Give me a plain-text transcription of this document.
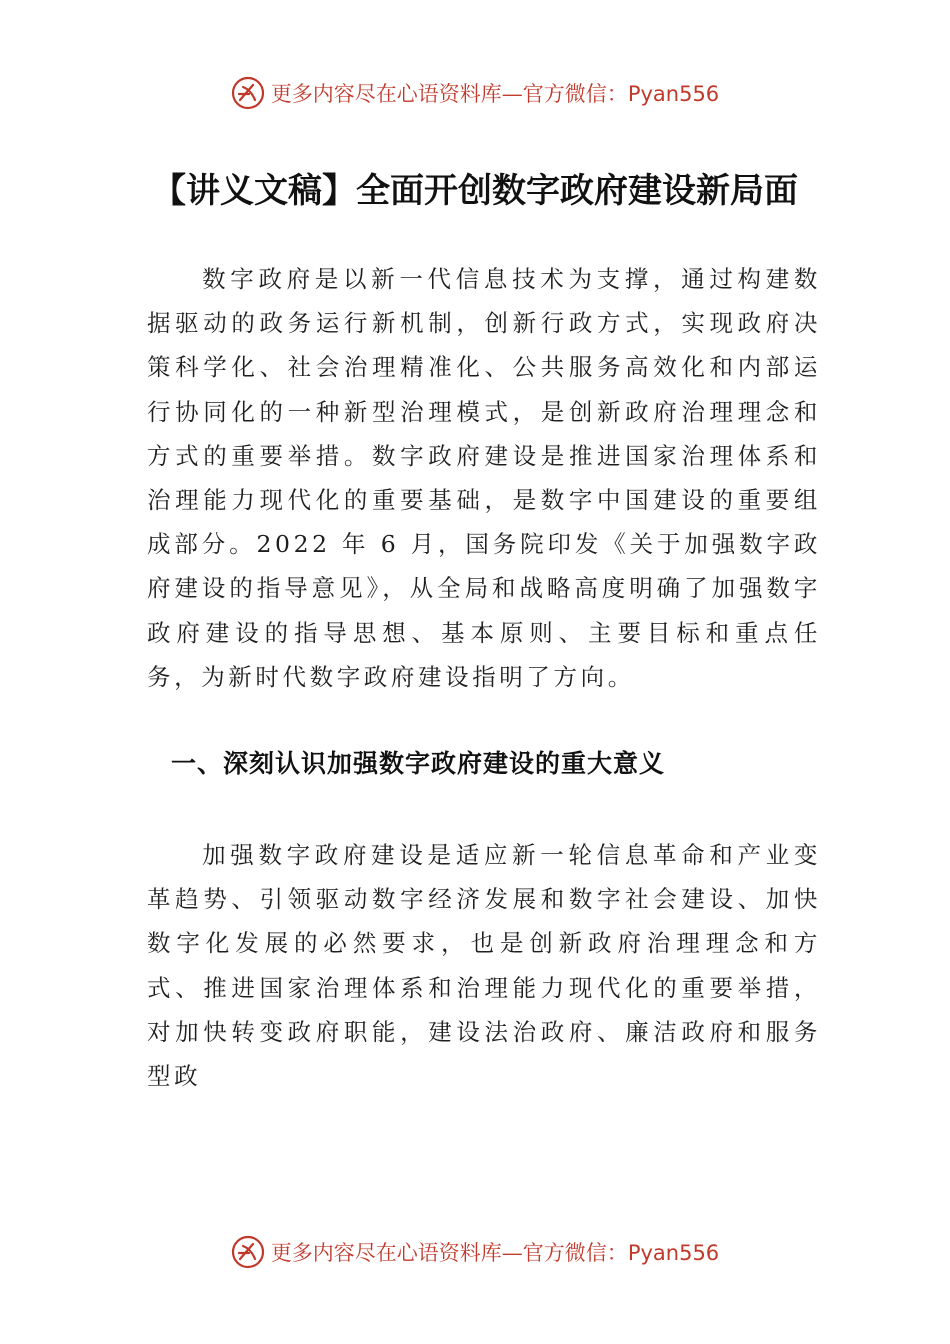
更多内容尽在心语资料库—官方微信：Pyan556
【讲义文稿】全面开创数字政府建设新局面
数字政府是以新一代信息技术为支撑，通过构建数据驱动的政务运行新机制，创新行政方式，实现政府决策科学化、社会治理精准化、公共服务高效化和内部运行协同化的一种新型治理模式，是创新政府治理理念和方式的重要举措。数字政府建设是推进国家治理体系和治理能力现代化的重要基础，是数字中国建设的重要组成部分。2022 年 6 月，国务院印发《关于加强数字政府建设的指导意见》，从全局和战略高度明确了加强数字政府建设的指导思想、基本原则、主要目标和重点任务，为新时代数字政府建设指明了方向。
一、深刻认识加强数字政府建设的重大意义
加强数字政府建设是适应新一轮信息革命和产业变革趋势、引领驱动数字经济发展和数字社会建设、加快数字化发展的必然要求，也是创新政府治理理念和方式、推进国家治理体系和治理能力现代化的重要举措，对加快转变政府职能，建设法治政府、廉洁政府和服务型政
更多内容尽在心语资料库—官方微信：Pyan556
